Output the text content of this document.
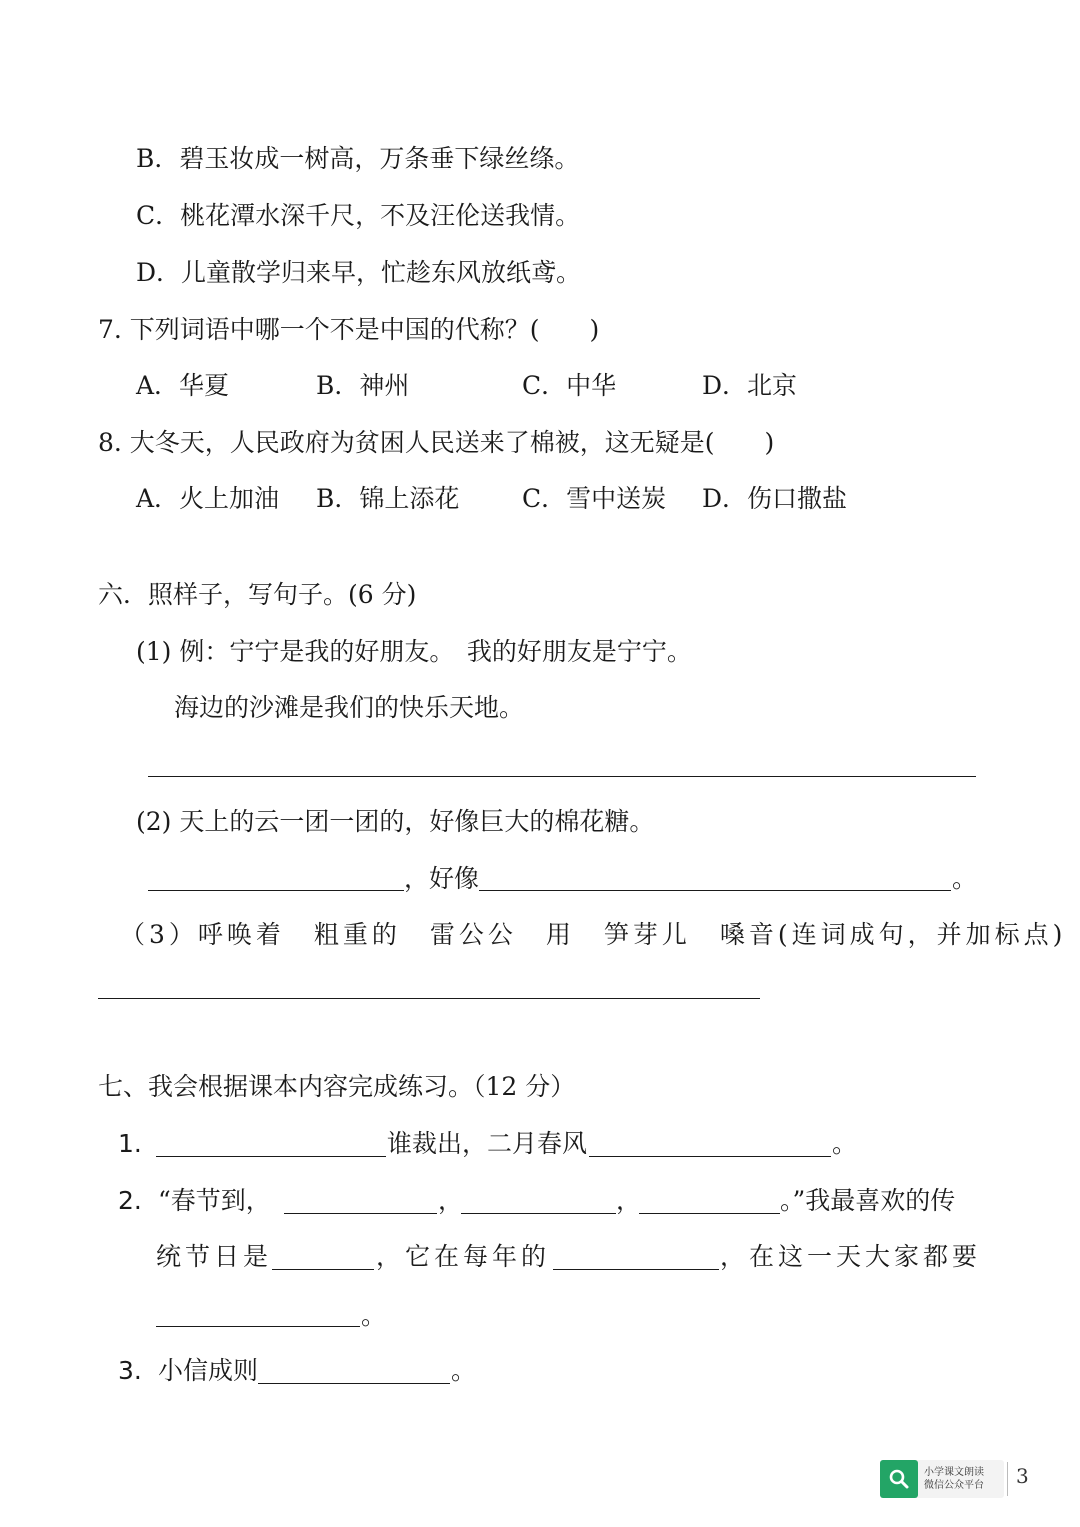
B．碧玉妆成一树高，万条垂下绿丝绦。
C．桃花潭水深千尺，不及汪伦送我情。
D．儿童散学归来早，忙趁东风放纸鸢。
7. 下列词语中哪一个不是中国的代称？(　　)
A．华夏	B．神州	C．中华	D．北京
8. 大冬天，人民政府为贫困人民送来了棉被，这无疑是(　　)
A．火上加油 B．锦上添花	C．雪中送炭 D．伤口撒盐
六．照样子，写句子。(6 分)
(1) 例：宁宁是我的好朋友。　我的好朋友是宁宁。
海边的沙滩是我们的快乐天地。
(2) 天上的云一团一团的，好像巨大的棉花糖。
，好像	。
（3）呼唤着　粗重的　雷公公　用　笋芽儿　嗓音(连词成句，并加标点)
七、我会根据课本内容完成练习。（12 分）
1.	谁裁出，二月春风	。
2. “春节到，	，	，	。”我最喜欢的传
统节日是	，它在每年的	，在这一天大家都要
。
3. 小信成则	。
小学课文朗读
微信公众平台 3
